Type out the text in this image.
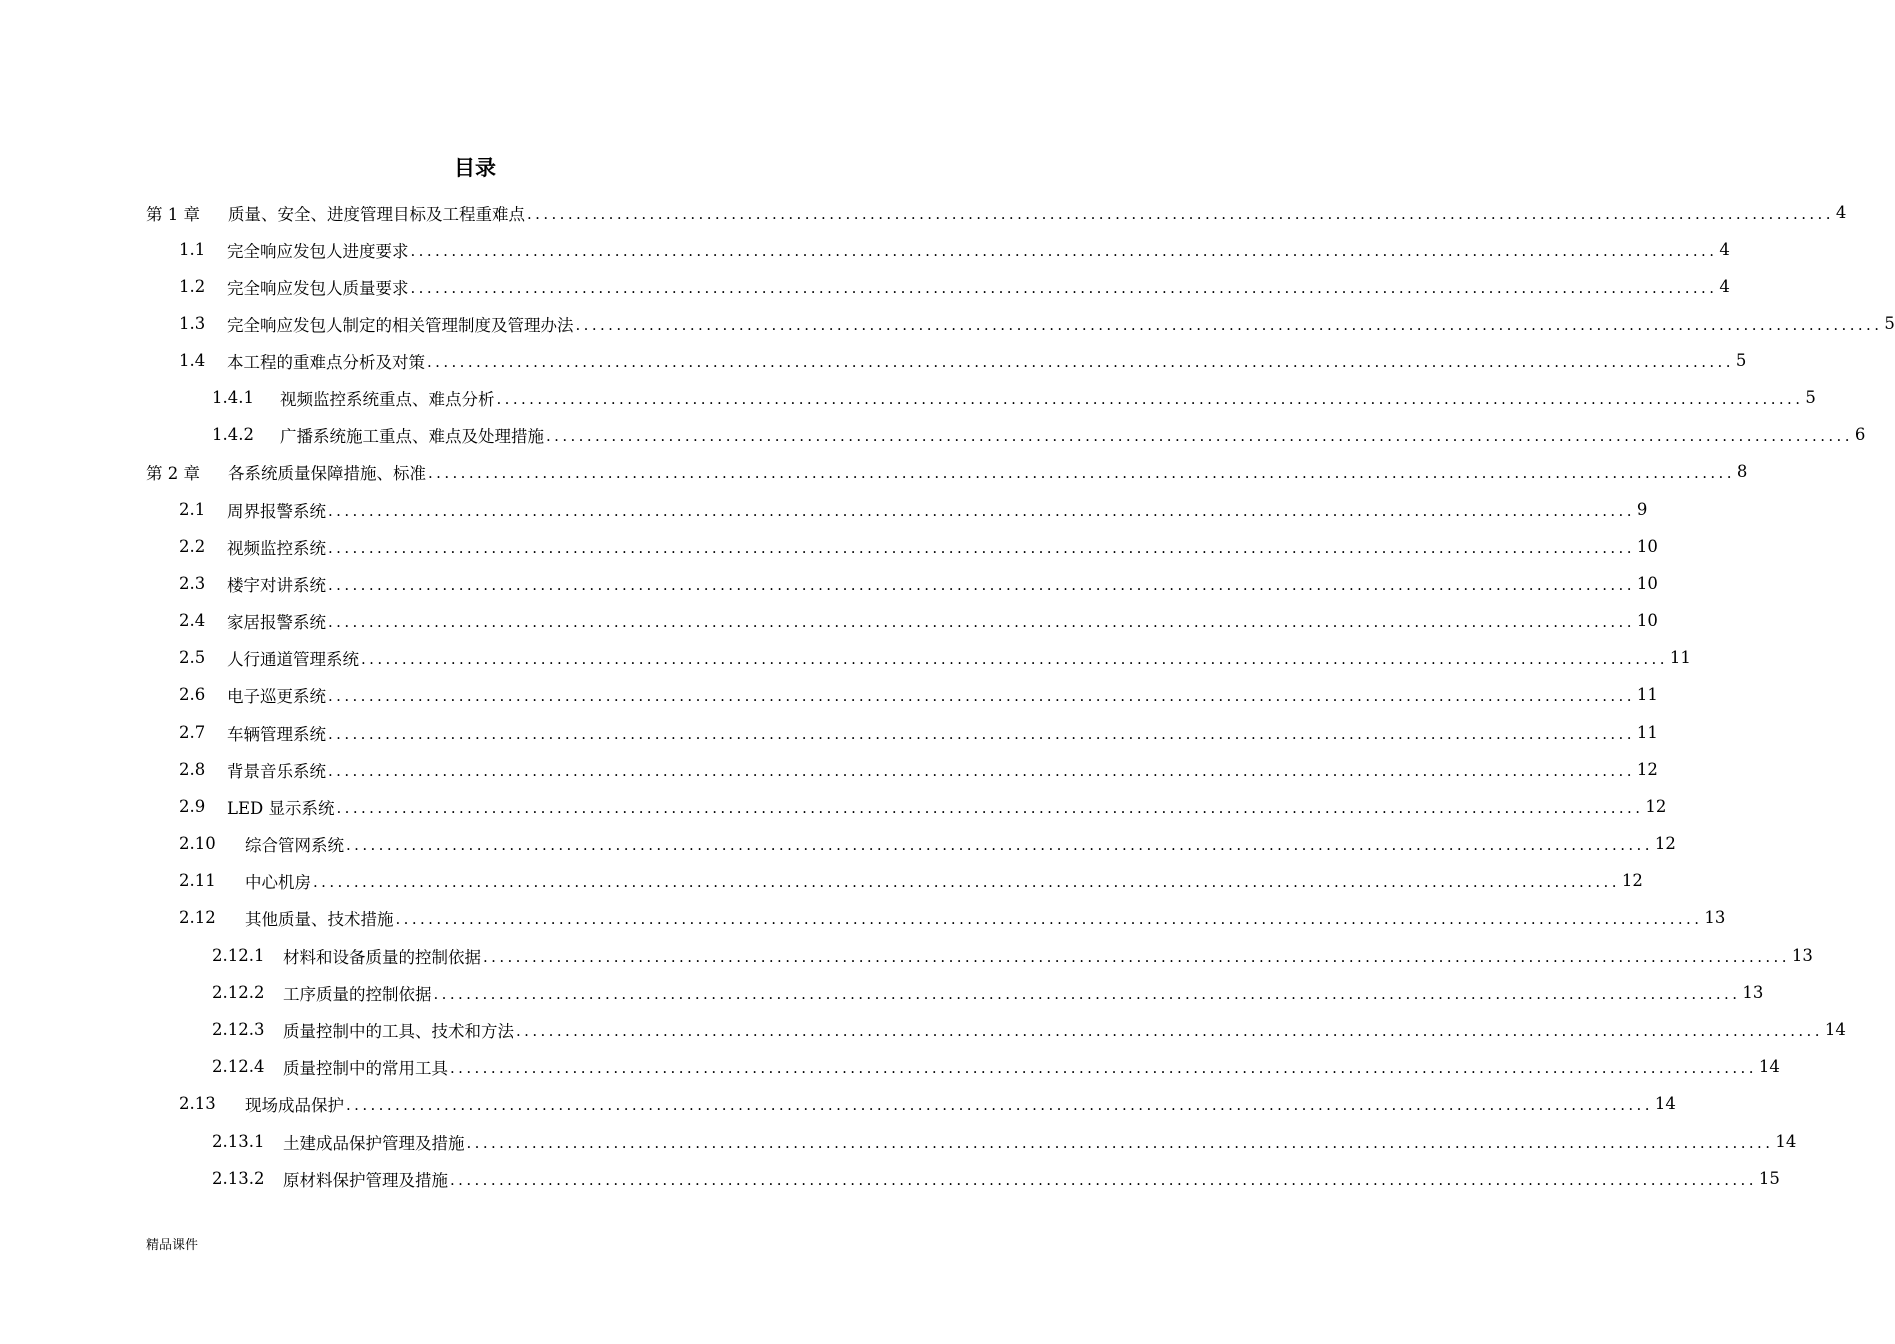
目录
第 1 章	质量、安全、进度管理目标及工程重难点 ................................................................................................................................................................ 4
1.1	完全响应发包人进度要求 ................................................................................................................................................................ 4
1.2	完全响应发包人质量要求 ................................................................................................................................................................ 4
1.3	完全响应发包人制定的相关管理制度及管理办法 ................................................................................................................................................................ 5
1.4	本工程的重难点分析及对策 ................................................................................................................................................................ 5
1.4.1	视频监控系统重点、难点分析 ................................................................................................................................................................ 5
1.4.2	广播系统施工重点、难点及处理措施 ................................................................................................................................................................ 6
第 2 章	各系统质量保障措施、标准 ................................................................................................................................................................ 8
2.1	周界报警系统 ................................................................................................................................................................ 9
2.2	视频监控系统 ................................................................................................................................................................ 10
2.3	楼宇对讲系统 ................................................................................................................................................................ 10
2.4	家居报警系统 ................................................................................................................................................................ 10
2.5	人行通道管理系统 ................................................................................................................................................................ 11
2.6	电子巡更系统 ................................................................................................................................................................ 11
2.7	车辆管理系统 ................................................................................................................................................................ 11
2.8	背景音乐系统 ................................................................................................................................................................ 12
2.9	LED 显示系统 ................................................................................................................................................................ 12
2.10	综合管网系统 ................................................................................................................................................................ 12
2.11	中心机房 ................................................................................................................................................................ 12
2.12	其他质量、技术措施 ................................................................................................................................................................ 13
2.12.1	材料和设备质量的控制依据 ................................................................................................................................................................ 13
2.12.2	工序质量的控制依据 ................................................................................................................................................................ 13
2.12.3	质量控制中的工具、技术和方法 ................................................................................................................................................................ 14
2.12.4	质量控制中的常用工具 ................................................................................................................................................................ 14
2.13	现场成品保护 ................................................................................................................................................................ 14
2.13.1	土建成品保护管理及措施 ................................................................................................................................................................ 14
2.13.2	原材料保护管理及措施 ................................................................................................................................................................ 15
精品课件
